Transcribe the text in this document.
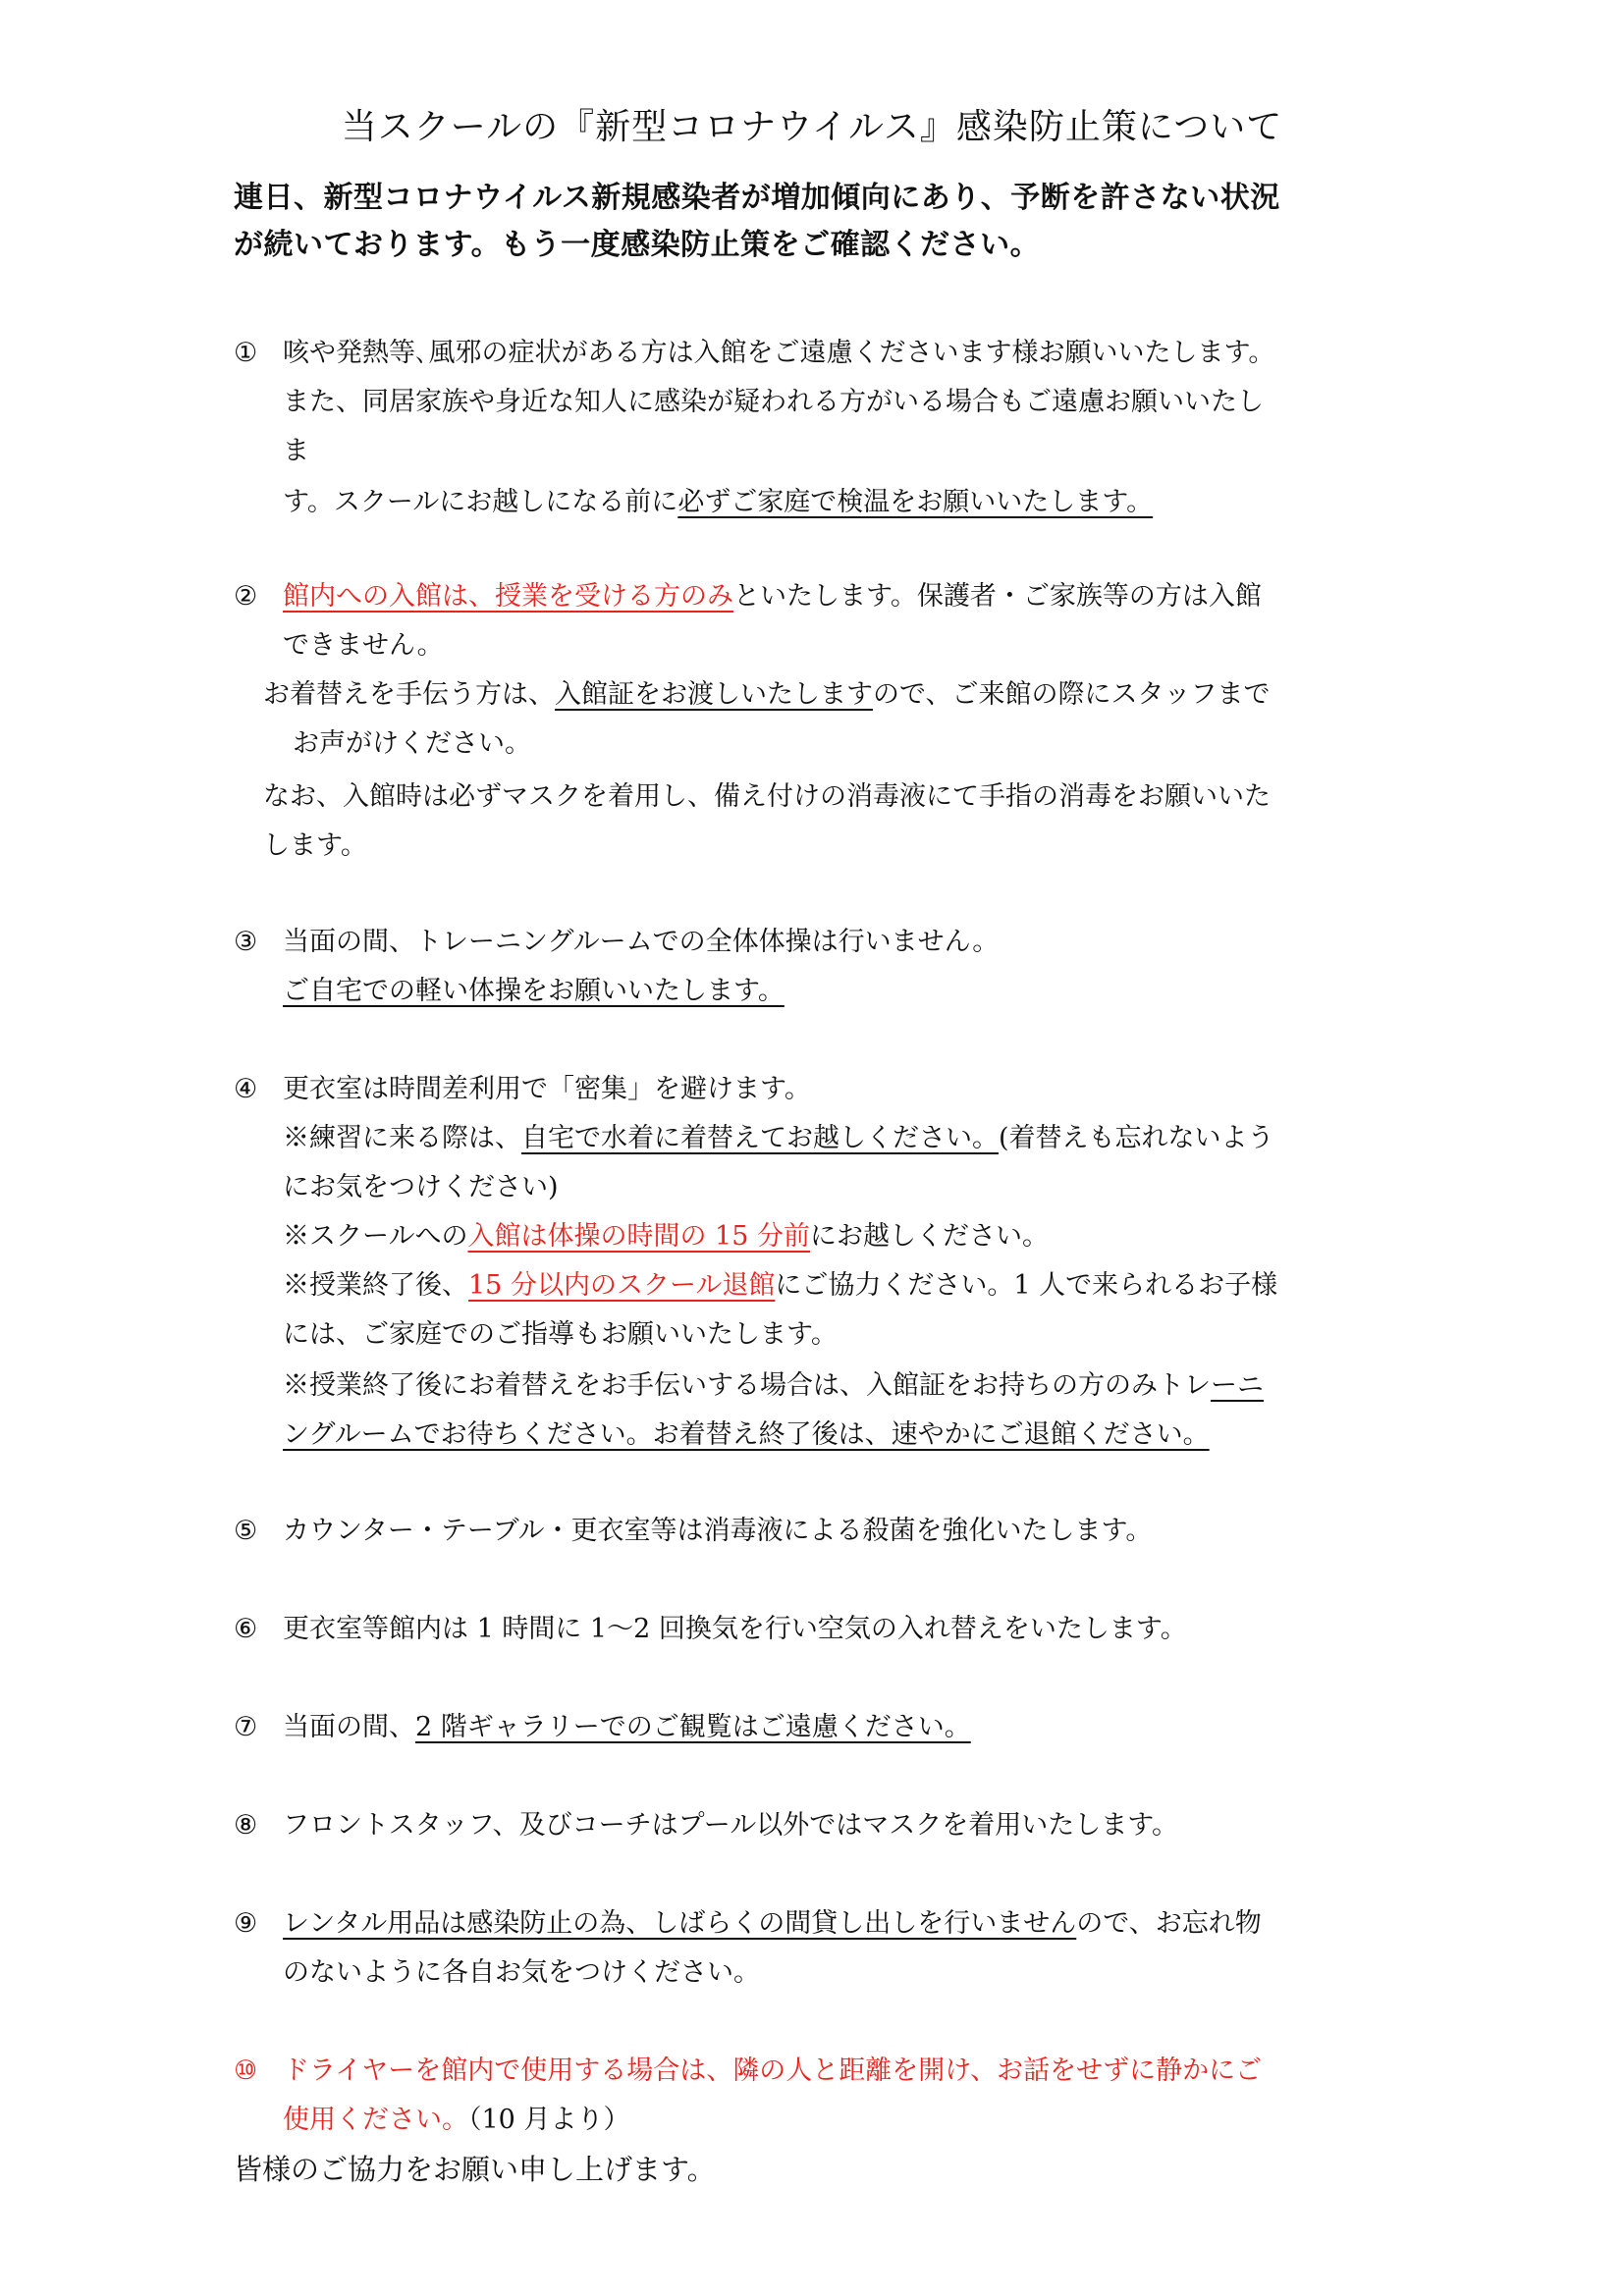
当スクールの『新型コロナウイルス』感染防止策について
連日、新型コロナウイルス新規感染者が増加傾向にあり、予断を許さない状況
が続いております。もう一度感染防止策をご確認ください。
① 咳や発熱等､風邪の症状がある方は入館をご遠慮くださいます様お願いいたします。
また、同居家族や身近な知人に感染が疑われる方がいる場合もご遠慮お願いいたし
ま
す。スクールにお越しになる前に必ずご家庭で検温をお願いいたします。
② 館内への入館は、授業を受ける方のみといたします。保護者・ご家族等の方は入館
できません。
お着替えを手伝う方は、入館証をお渡しいたしますので、ご来館の際にスタッフまで
お声がけください。
なお、入館時は必ずマスクを着用し、備え付けの消毒液にて手指の消毒をお願いいた
します。
③ 当面の間、トレーニングルームでの全体体操は行いません。
ご自宅での軽い体操をお願いいたします。
④ 更衣室は時間差利用で「密集」を避けます。
※練習に来る際は、自宅で水着に着替えてお越しください。(着替えも忘れないよう
にお気をつけください)
※スクールへの入館は体操の時間の 15 分前にお越しください。
※授業終了後、15 分以内のスクール退館にご協力ください。1 人で来られるお子様
には、ご家庭でのご指導もお願いいたします。
※授業終了後にお着替えをお手伝いする場合は、入館証をお持ちの方のみトレーニ
ングルームでお待ちください。お着替え終了後は、速やかにご退館ください。
⑤ カウンター・テーブル・更衣室等は消毒液による殺菌を強化いたします。
⑥ 更衣室等館内は 1 時間に 1～2 回換気を行い空気の入れ替えをいたします。
⑦ 当面の間、2 階ギャラリーでのご観覧はご遠慮ください。
⑧ フロントスタッフ、及びコーチはプール以外ではマスクを着用いたします。
⑨ レンタル用品は感染防止の為、しばらくの間貸し出しを行いませんので、お忘れ物
のないように各自お気をつけください。
⑩ ドライヤーを館内で使用する場合は、隣の人と距離を開け、お話をせずに静かにご
使用ください。（10 月より）
皆様のご協力をお願い申し上げます。
